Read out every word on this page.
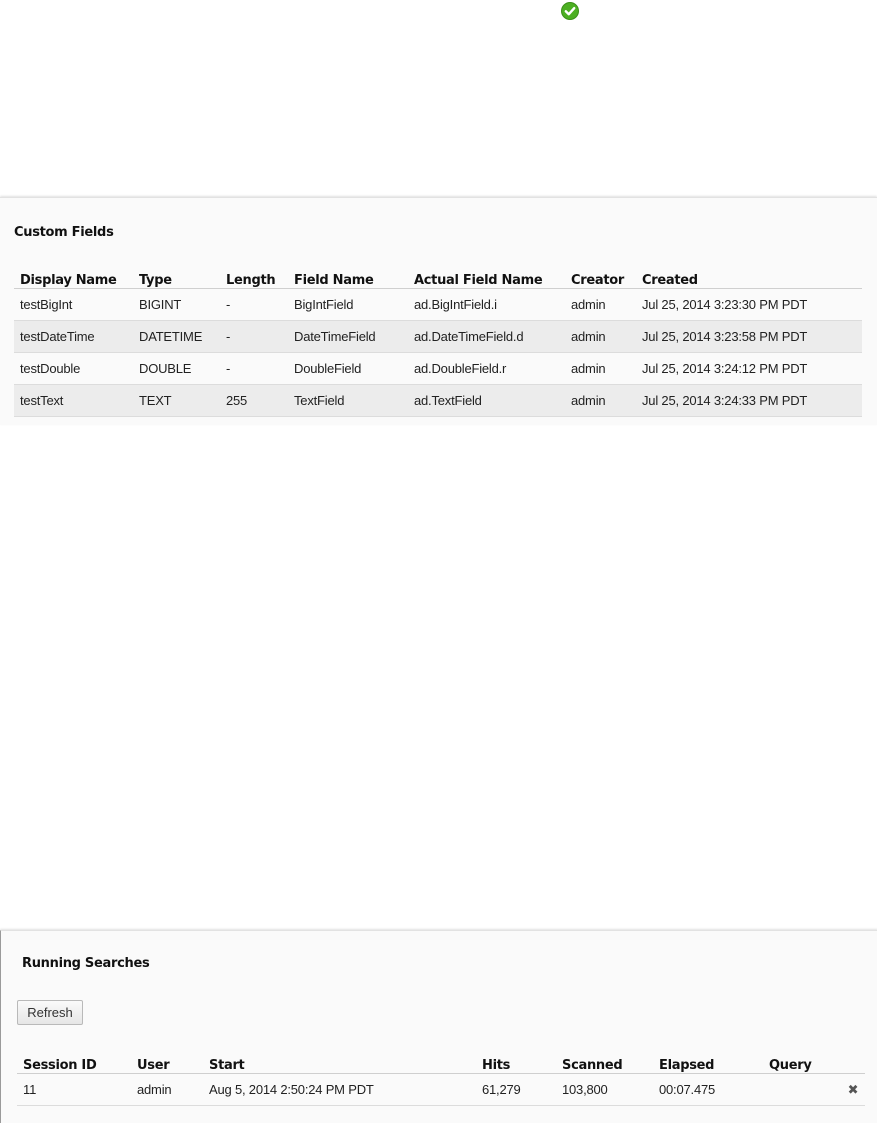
Custom Fields
Display Name	Type	Length	Field Name	Actual Field Name	Creator	Created
testBigInt	BIGINT	-	BigIntField	ad.BigIntField.i	admin	Jul 25, 2014 3:23:30 PM PDT
testDateTime	DATETIME	-	DateTimeField	ad.DateTimeField.d	admin	Jul 25, 2014 3:23:58 PM PDT
testDouble	DOUBLE	-	DoubleField	ad.DoubleField.r	admin	Jul 25, 2014 3:24:12 PM PDT
testText	TEXT	255	TextField	ad.TextField	admin	Jul 25, 2014 3:24:33 PM PDT
Running Searches
Refresh
Session ID	User	Start	Hits	Scanned	Elapsed	Query
11	admin	Aug 5, 2014 2:50:24 PM PDT	61,279	103,800	00:07.475	✖
